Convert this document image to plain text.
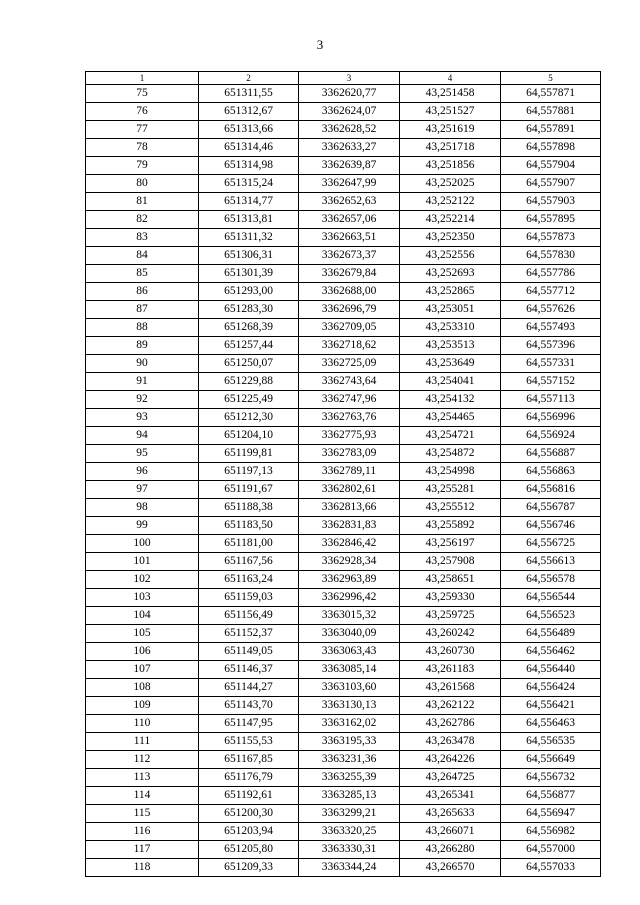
3
1	2	3	4	5
75	651311,55	3362620,77	43,251458	64,557871
76	651312,67	3362624,07	43,251527	64,557881
77	651313,66	3362628,52	43,251619	64,557891
78	651314,46	3362633,27	43,251718	64,557898
79	651314,98	3362639,87	43,251856	64,557904
80	651315,24	3362647,99	43,252025	64,557907
81	651314,77	3362652,63	43,252122	64,557903
82	651313,81	3362657,06	43,252214	64,557895
83	651311,32	3362663,51	43,252350	64,557873
84	651306,31	3362673,37	43,252556	64,557830
85	651301,39	3362679,84	43,252693	64,557786
86	651293,00	3362688,00	43,252865	64,557712
87	651283,30	3362696,79	43,253051	64,557626
88	651268,39	3362709,05	43,253310	64,557493
89	651257,44	3362718,62	43,253513	64,557396
90	651250,07	3362725,09	43,253649	64,557331
91	651229,88	3362743,64	43,254041	64,557152
92	651225,49	3362747,96	43,254132	64,557113
93	651212,30	3362763,76	43,254465	64,556996
94	651204,10	3362775,93	43,254721	64,556924
95	651199,81	3362783,09	43,254872	64,556887
96	651197,13	3362789,11	43,254998	64,556863
97	651191,67	3362802,61	43,255281	64,556816
98	651188,38	3362813,66	43,255512	64,556787
99	651183,50	3362831,83	43,255892	64,556746
100	651181,00	3362846,42	43,256197	64,556725
101	651167,56	3362928,34	43,257908	64,556613
102	651163,24	3362963,89	43,258651	64,556578
103	651159,03	3362996,42	43,259330	64,556544
104	651156,49	3363015,32	43,259725	64,556523
105	651152,37	3363040,09	43,260242	64,556489
106	651149,05	3363063,43	43,260730	64,556462
107	651146,37	3363085,14	43,261183	64,556440
108	651144,27	3363103,60	43,261568	64,556424
109	651143,70	3363130,13	43,262122	64,556421
110	651147,95	3363162,02	43,262786	64,556463
111	651155,53	3363195,33	43,263478	64,556535
112	651167,85	3363231,36	43,264226	64,556649
113	651176,79	3363255,39	43,264725	64,556732
114	651192,61	3363285,13	43,265341	64,556877
115	651200,30	3363299,21	43,265633	64,556947
116	651203,94	3363320,25	43,266071	64,556982
117	651205,80	3363330,31	43,266280	64,557000
118	651209,33	3363344,24	43,266570	64,557033
